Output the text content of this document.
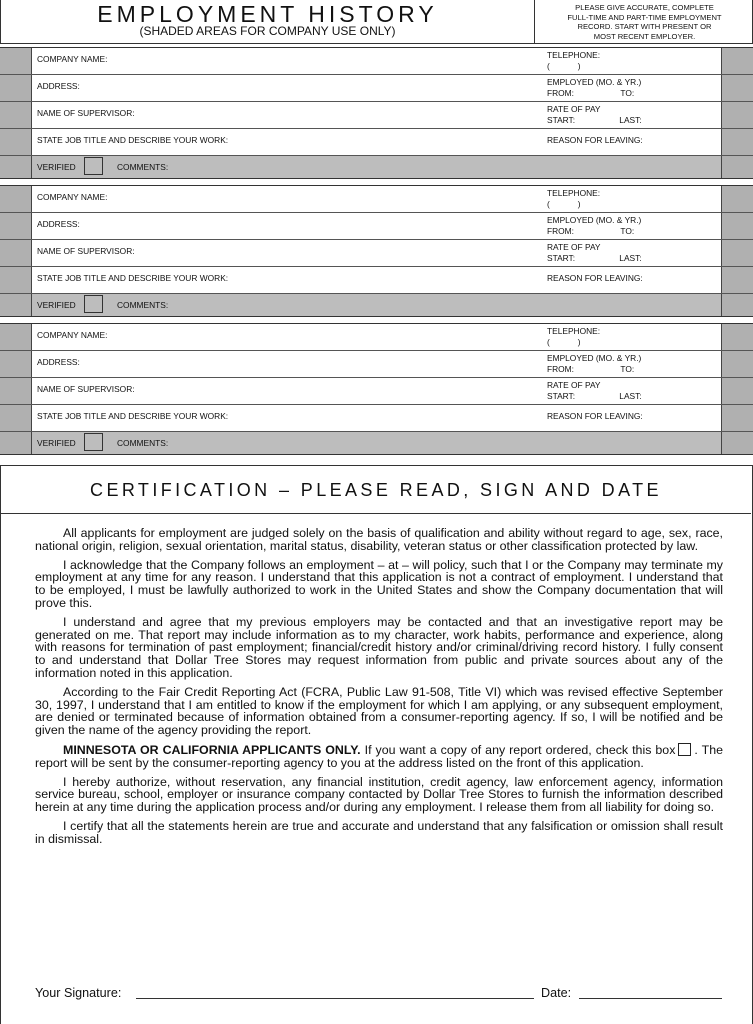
EMPLOYMENT HISTORY
(SHADED AREAS FOR COMPANY USE ONLY)
PLEASE GIVE ACCURATE, COMPLETE
FULL-TIME AND PART-TIME EMPLOYMENT
RECORD. START WITH PRESENT OR
MOST RECENT EMPLOYER.
COMPANY NAME:	TELEPHONE:
(            )
ADDRESS:	EMPLOYED (MO. & YR.)
FROM:                    TO:
NAME OF SUPERVISOR:	RATE OF PAY
START:                   LAST:
STATE JOB TITLE AND DESCRIBE YOUR WORK:	REASON FOR LEAVING:
VERIFIED	COMMENTS:
COMPANY NAME:	TELEPHONE:
(            )
ADDRESS:	EMPLOYED (MO. & YR.)
FROM:                    TO:
NAME OF SUPERVISOR:	RATE OF PAY
START:                   LAST:
STATE JOB TITLE AND DESCRIBE YOUR WORK:	REASON FOR LEAVING:
VERIFIED	COMMENTS:
COMPANY NAME:	TELEPHONE:
(            )
ADDRESS:	EMPLOYED (MO. & YR.)
FROM:                    TO:
NAME OF SUPERVISOR:	RATE OF PAY
START:                   LAST:
STATE JOB TITLE AND DESCRIBE YOUR WORK:	REASON FOR LEAVING:
VERIFIED	COMMENTS:
CERTIFICATION – PLEASE READ, SIGN AND DATE

All applicants for employment are judged solely on the basis of qualification and ability without regard to age, sex, race, national origin, religion, sexual orientation, marital status, disability, veteran status or other classification protected by law.

I acknowledge that the Company follows an employment – at – will policy, such that I or the Company may terminate my employment at any time for any reason. I understand that this application is not a contract of employment. I understand that to be employed, I must be lawfully authorized to work in the United States and show the Company documentation that will prove this.

I understand and agree that my previous employers may be contacted and that an investigative report may be generated on me. That report may include information as to my character, work habits, performance and experience, along with reasons for termination of past employment; financial/credit history and/or criminal/driving record history. I fully consent to and understand that Dollar Tree Stores may request information from public and private sources about any of the information noted in this application.

According to the Fair Credit Reporting Act (FCRA, Public Law 91-508, Title VI) which was revised effective September 30, 1997, I understand that I am entitled to know if the employment for which I am applying, or any subsequent employment, are denied or terminated because of information obtained from a consumer-reporting agency. If so, I will be notified and be given the name of the agency providing the report.

MINNESOTA OR CALIFORNIA APPLICANTS ONLY. If you want a copy of any report ordered, check this box . The report will be sent by the consumer-reporting agency to you at the address listed on the front of this application.

I hereby authorize, without reservation, any financial institution, credit agency, law enforcement agency, information service bureau, school, employer or insurance company contacted by Dollar Tree Stores to furnish the information described herein at any time during the application process and/or during any employment. I release them from all liability for doing so.

I certify that all the statements herein are true and accurate and understand that any falsification or omission shall result in dismissal.

Your Signature:	Date:
